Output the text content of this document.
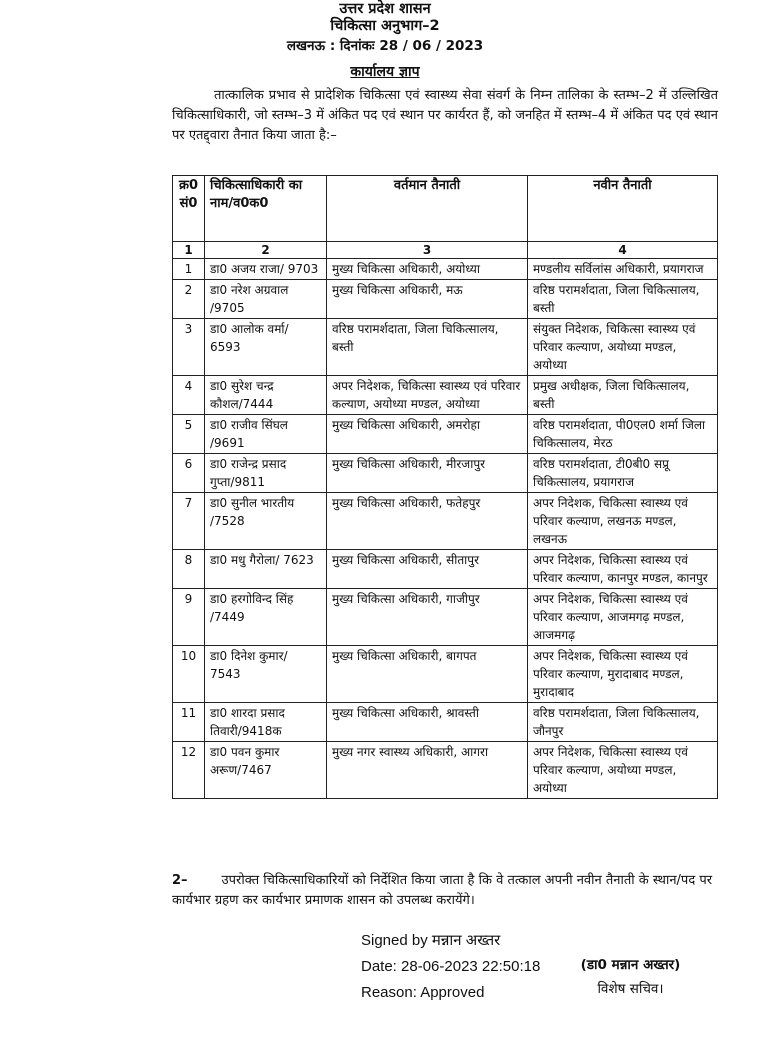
उत्तर प्रदेश शासन
चिकित्सा अनुभाग–2
लखनऊ : दिनांकः 28 / 06 / 2023
कार्यालय ज्ञाप
तात्कालिक प्रभाव से प्रादेशिक चिकित्सा एवं स्वास्थ्य सेवा संवर्ग के निम्न तालिका के स्तम्भ–2 में उल्लिखित चिकित्साधिकारी, जो स्तम्भ–3 में अंकित पद एवं स्थान पर कार्यरत हैं, को जनहित में स्तम्भ–4 में अंकित पद एवं स्थान पर एतद्द्वारा तैनात किया जाता है:–
क्र0 सं0	चिकित्साधिकारी का नाम/व0क0	वर्तमान तैनाती	नवीन तैनाती
1	2	3	4
1	डा0 अजय राजा/ 9703	मुख्य चिकित्सा अधिकारी, अयोध्या	मण्डलीय सर्विलांस अधिकारी, प्रयागराज
2	डा0 नरेश अग्रवाल /9705	मुख्य चिकित्सा अधिकारी, मऊ	वरिष्ठ परामर्शदाता, जिला चिकित्सालय, बस्ती
3	डा0 आलोक वर्मा/ 6593	वरिष्ठ परामर्शदाता, जिला चिकित्सालय, बस्ती	संयुक्त निदेशक, चिकित्सा स्वास्थ्य एवं परिवार कल्याण, अयोध्या मण्डल, अयोध्या
4	डा0 सुरेश चन्द्र कौशल/7444	अपर निदेशक, चिकित्सा स्वास्थ्य एवं परिवार कल्याण, अयोध्या मण्डल, अयोध्या	प्रमुख अधीक्षक, जिला चिकित्सालय, बस्ती
5	डा0 राजीव सिंघल /9691	मुख्य चिकित्सा अधिकारी, अमरोहा	वरिष्ठ परामर्शदाता, पी0एल0 शर्मा जिला चिकित्सालय, मेरठ
6	डा0 राजेन्द्र प्रसाद गुप्ता/9811	मुख्य चिकित्सा अधिकारी, मीरजापुर	वरिष्ठ परामर्शदाता, टी0बी0 सप्रू चिकित्सालय, प्रयागराज
7	डा0 सुनील भारतीय /7528	मुख्य चिकित्सा अधिकारी, फतेहपुर	अपर निदेशक, चिकित्सा स्वास्थ्य एवं परिवार कल्याण, लखनऊ मण्डल, लखनऊ
8	डा0 मधु गैरोला/ 7623	मुख्य चिकित्सा अधिकारी, सीतापुर	अपर निदेशक, चिकित्सा स्वास्थ्य एवं परिवार कल्याण, कानपुर मण्डल, कानपुर
9	डा0 हरगोविन्द सिंह /7449	मुख्य चिकित्सा अधिकारी, गाजीपुर	अपर निदेशक, चिकित्सा स्वास्थ्य एवं परिवार कल्याण, आजमगढ़ मण्डल, आजमगढ़
10	डा0 दिनेश कुमार/ 7543	मुख्य चिकित्सा अधिकारी, बागपत	अपर निदेशक, चिकित्सा स्वास्थ्य एवं परिवार कल्याण, मुरादाबाद मण्डल, मुरादाबाद
11	डा0 शारदा प्रसाद तिवारी/9418क	मुख्य चिकित्सा अधिकारी, श्रावस्ती	वरिष्ठ परामर्शदाता, जिला चिकित्सालय, जौनपुर
12	डा0 पवन कुमार अरूण/7467	मुख्य नगर स्वास्थ्य अधिकारी, आगरा	अपर निदेशक, चिकित्सा स्वास्थ्य एवं परिवार कल्याण, अयोध्या मण्डल, अयोध्या
2–	उपरोक्त चिकित्साधिकारियों को निर्देशित किया जाता है कि वे तत्काल अपनी नवीन तैनाती के स्थान/पद पर कार्यभार ग्रहण कर कार्यभार प्रमाणक शासन को उपलब्ध करायेंगे।
Signed by मन्नान अख्तर
Date: 28-06-2023 22:50:18
Reason: Approved
(डा0 मन्नान अख्तर)
विशेष सचिव।
